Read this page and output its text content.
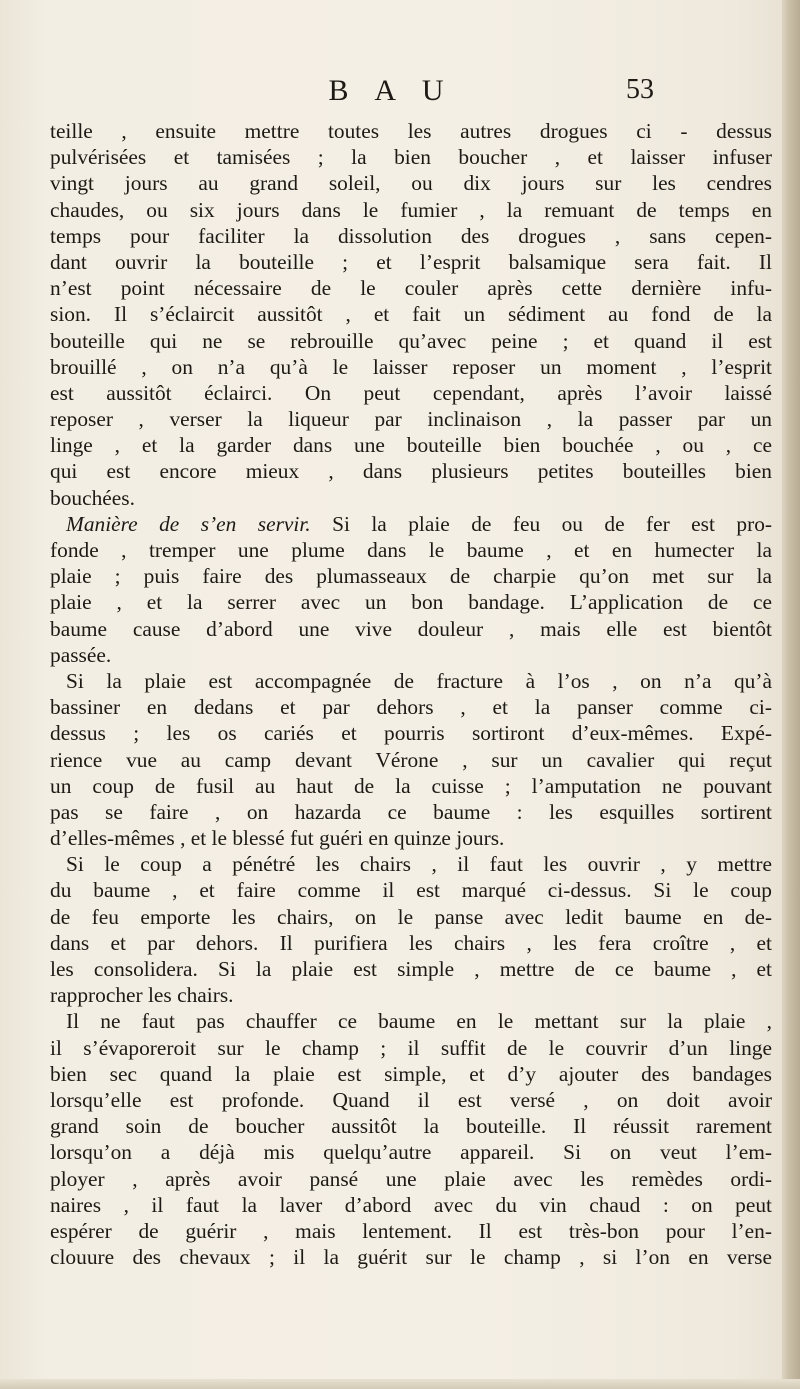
B A U	53
teille , ensuite mettre toutes les autres drogues ci - dessus
pulvérisées et tamisées ; la bien boucher , et laisser infuser
vingt jours au grand soleil, ou dix jours sur les cendres
chaudes, ou six jours dans le fumier , la remuant de temps en
temps pour faciliter la dissolution des drogues , sans cepen-
dant ouvrir la bouteille ; et l’esprit balsamique sera fait. Il
n’est point nécessaire de le couler après cette dernière infu-
sion. Il s’éclaircit aussitôt , et fait un sédiment au fond de la
bouteille qui ne se rebrouille qu’avec peine ; et quand il est
brouillé , on n’a qu’à le laisser reposer un moment , l’esprit
est aussitôt éclairci. On peut cependant, après l’avoir laissé
reposer , verser la liqueur par inclinaison , la passer par un
linge , et la garder dans une bouteille bien bouchée , ou , ce
qui est encore mieux , dans plusieurs petites bouteilles bien
bouchées.
Manière de s’en servir. Si la plaie de feu ou de fer est pro-
fonde , tremper une plume dans le baume , et en humecter la
plaie ; puis faire des plumasseaux de charpie qu’on met sur la
plaie , et la serrer avec un bon bandage. L’application de ce
baume cause d’abord une vive douleur , mais elle est bientôt
passée.
Si la plaie est accompagnée de fracture à l’os , on n’a qu’à
bassiner en dedans et par dehors , et la panser comme ci-
dessus ; les os cariés et pourris sortiront d’eux-mêmes. Expé-
rience vue au camp devant Vérone , sur un cavalier qui reçut
un coup de fusil au haut de la cuisse ; l’amputation ne pouvant
pas se faire , on hazarda ce baume : les esquilles sortirent
d’elles-mêmes , et le blessé fut guéri en quinze jours.
Si le coup a pénétré les chairs , il faut les ouvrir , y mettre
du baume , et faire comme il est marqué ci-dessus. Si le coup
de feu emporte les chairs, on le panse avec ledit baume en de-
dans et par dehors. Il purifiera les chairs , les fera croître , et
les consolidera. Si la plaie est simple , mettre de ce baume , et
rapprocher les chairs.
Il ne faut pas chauffer ce baume en le mettant sur la plaie ,
il s’évaporeroit sur le champ ; il suffit de le couvrir d’un linge
bien sec quand la plaie est simple, et d’y ajouter des bandages
lorsqu’elle est profonde. Quand il est versé , on doit avoir
grand soin de boucher aussitôt la bouteille. Il réussit rarement
lorsqu’on a déjà mis quelqu’autre appareil. Si on veut l’em-
ployer , après avoir pansé une plaie avec les remèdes ordi-
naires , il faut la laver d’abord avec du vin chaud : on peut
espérer de guérir , mais lentement. Il est très-bon pour l’en-
clouure des chevaux ; il la guérit sur le champ , si l’on en verse
